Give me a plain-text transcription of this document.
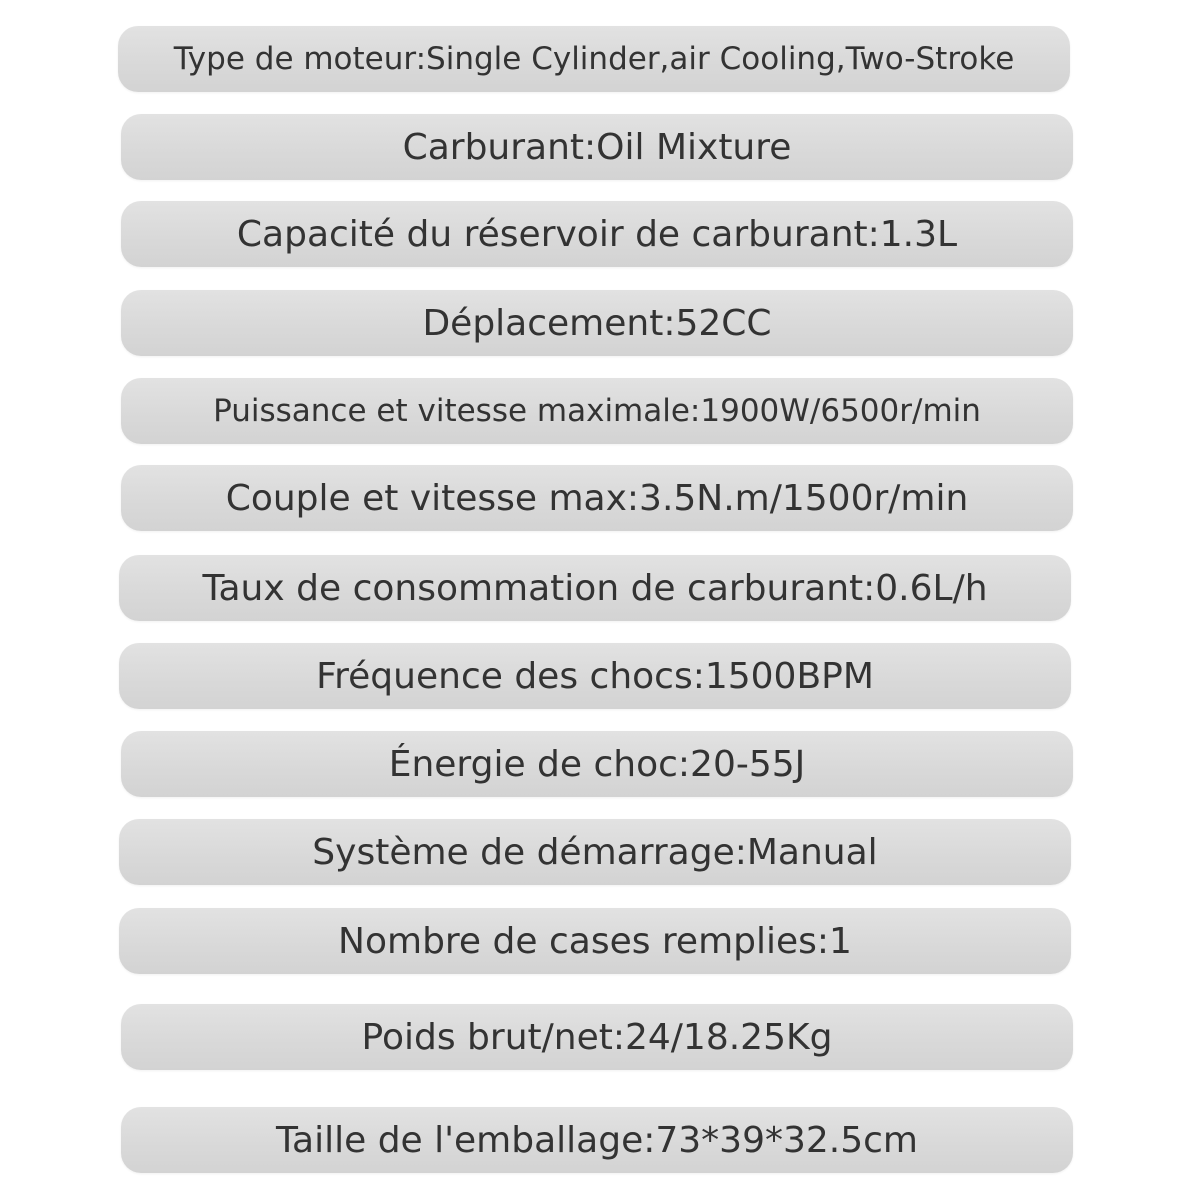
Type de moteur:Single Cylinder,air Cooling,Two-Stroke
Carburant:Oil Mixture
Capacité du réservoir de carburant:1.3L
Déplacement:52CC
Puissance et vitesse maximale:1900W/6500r/min
Couple et vitesse max:3.5N.m/1500r/min
Taux de consommation de carburant:0.6L/h
Fréquence des chocs:1500BPM
Énergie de choc:20-55J
Système de démarrage:Manual
Nombre de cases remplies:1
Poids brut/net:24/18.25Kg
Taille de l'emballage:73*39*32.5cm
